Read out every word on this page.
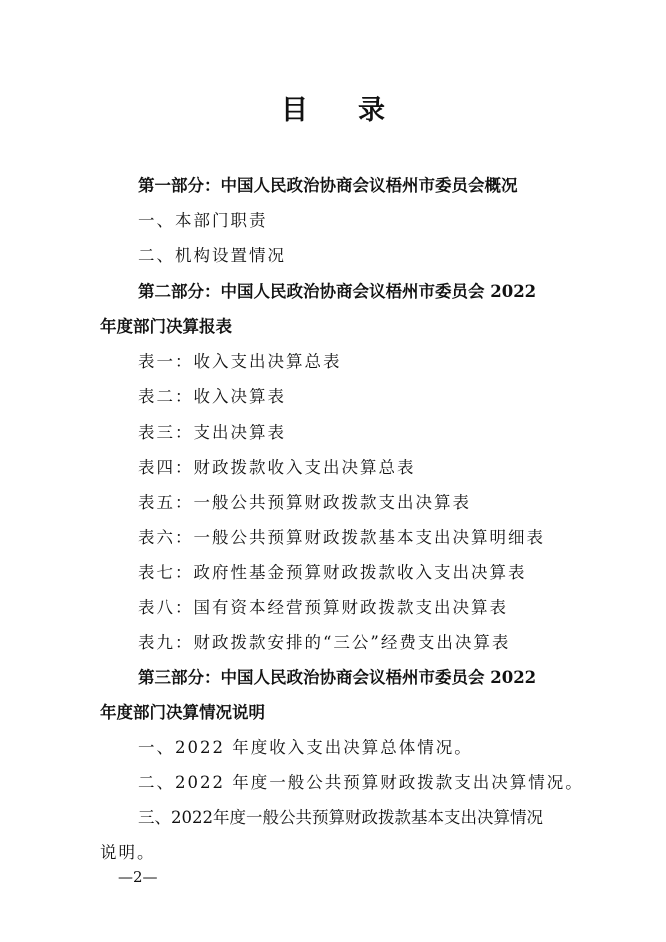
目录
第一部分：中国人民政治协商会议梧州市委员会概况
一、本部门职责
二、机构设置情况
第二部分：中国人民政治协商会议梧州市委员会 2022
年度部门决算报表
表一：收入支出决算总表
表二：收入决算表
表三：支出决算表
表四：财政拨款收入支出决算总表
表五：一般公共预算财政拨款支出决算表
表六：一般公共预算财政拨款基本支出决算明细表
表七：政府性基金预算财政拨款收入支出决算表
表八：国有资本经营预算财政拨款支出决算表
表九：财政拨款安排的“三公”经费支出决算表
第三部分：中国人民政治协商会议梧州市委员会 2022
年度部门决算情况说明
一、2022 年度收入支出决算总体情况。
二、2022 年度一般公共预算财政拨款支出决算情况。
三、2022年度一般公共预算财政拨款基本支出决算情况
说明。
—2—
